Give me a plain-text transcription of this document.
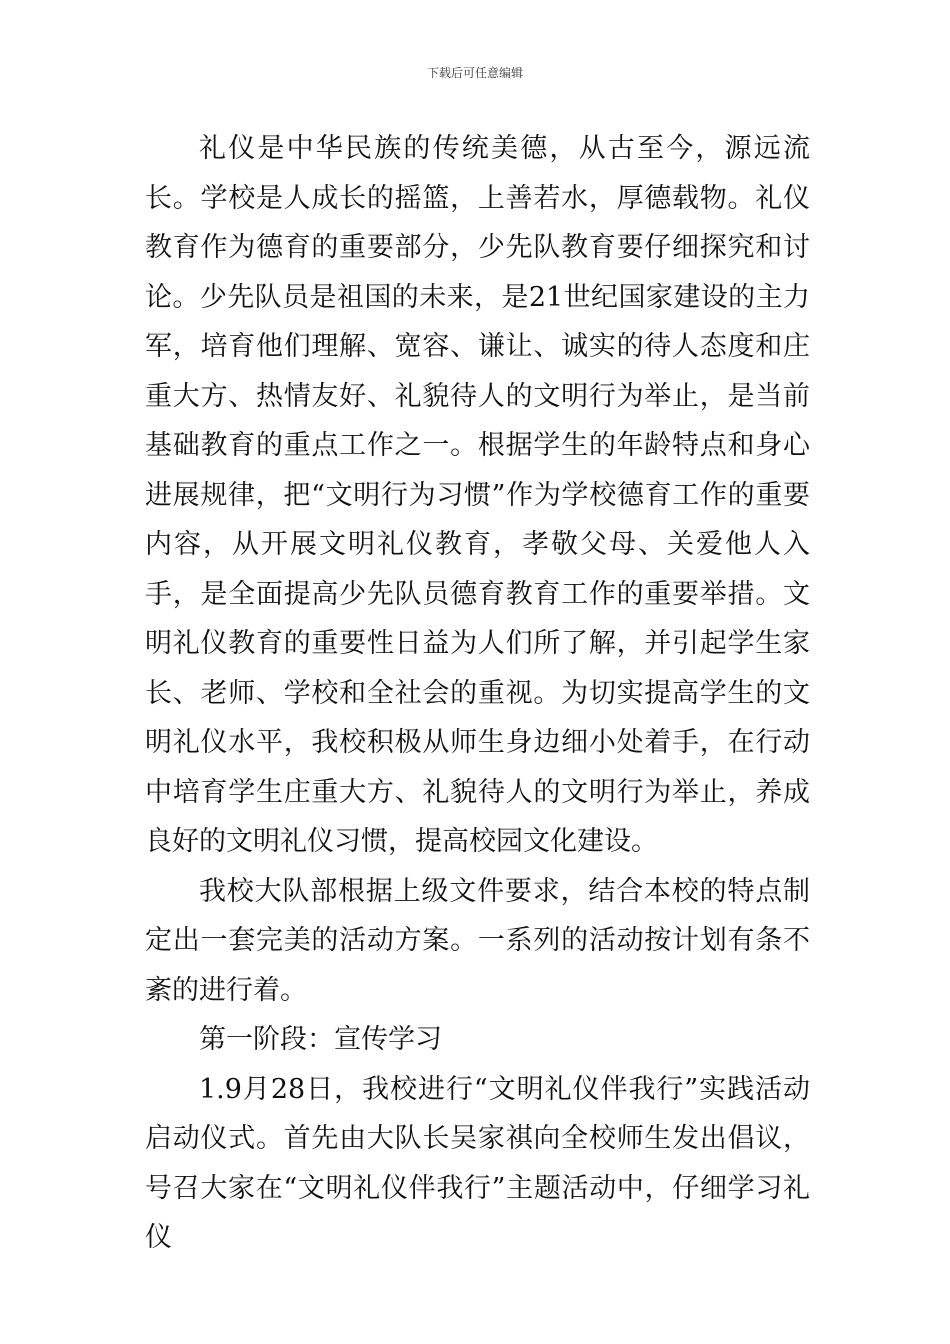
下载后可任意编辑

礼仪是中华民族的传统美德，从古至今，源远流长。学校是人成长的摇篮，上善若水，厚德载物。礼仪教育作为德育的重要部分，少先队教育要仔细探究和讨论。少先队员是祖国的未来，是21世纪国家建设的主力军，培育他们理解、宽容、谦让、诚实的待人态度和庄重大方、热情友好、礼貌待人的文明行为举止，是当前基础教育的重点工作之一。根据学生的年龄特点和身心进展规律，把“文明行为习惯”作为学校德育工作的重要内容，从开展文明礼仪教育，孝敬父母、关爱他人入手，是全面提高少先队员德育教育工作的重要举措。文明礼仪教育的重要性日益为人们所了解，并引起学生家长、老师、学校和全社会的重视。为切实提高学生的文明礼仪水平，我校积极从师生身边细小处着手，在行动中培育学生庄重大方、礼貌待人的文明行为举止，养成良好的文明礼仪习惯，提高校园文化建设。

我校大队部根据上级文件要求，结合本校的特点制定出一套完美的活动方案。一系列的活动按计划有条不紊的进行着。

第一阶段：宣传学习

1.9月28日，我校进行“文明礼仪伴我行”实践活动启动仪式。首先由大队长吴家祺向全校师生发出倡议，号召大家在“文明礼仪伴我行”主题活动中，仔细学习礼仪
